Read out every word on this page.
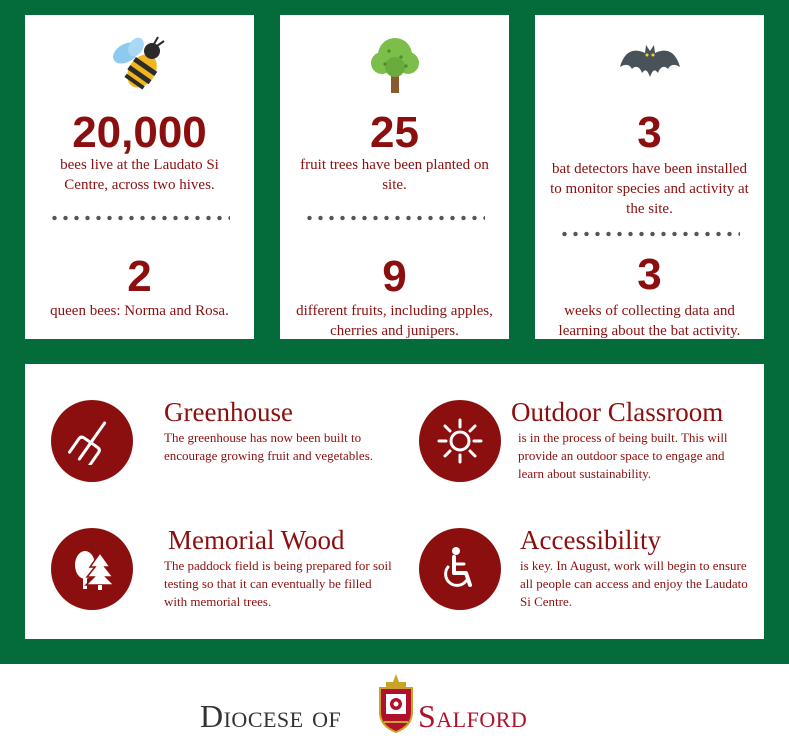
20,000
bees live at the Laudato Si Centre, across two hives.
2
queen bees: Norma and Rosa.
25
fruit trees have been planted on site.
9
different fruits, including apples, cherries and junipers.
3
bat detectors have been installed to monitor species and activity at the site.
3
weeks of collecting data and learning about the bat activity.
Greenhouse
The greenhouse has now been built to encourage growing fruit and vegetables.
Outdoor Classroom
is in the process of being built. This will provide an outdoor space to engage and learn about sustainability.
Memorial Wood
The paddock field is being prepared for soil testing so that it can eventually be filled with memorial trees.
Accessibility
is key. In August, work will begin to ensure all people can access and enjoy the Laudato Si Centre.
Diocese of Salford
